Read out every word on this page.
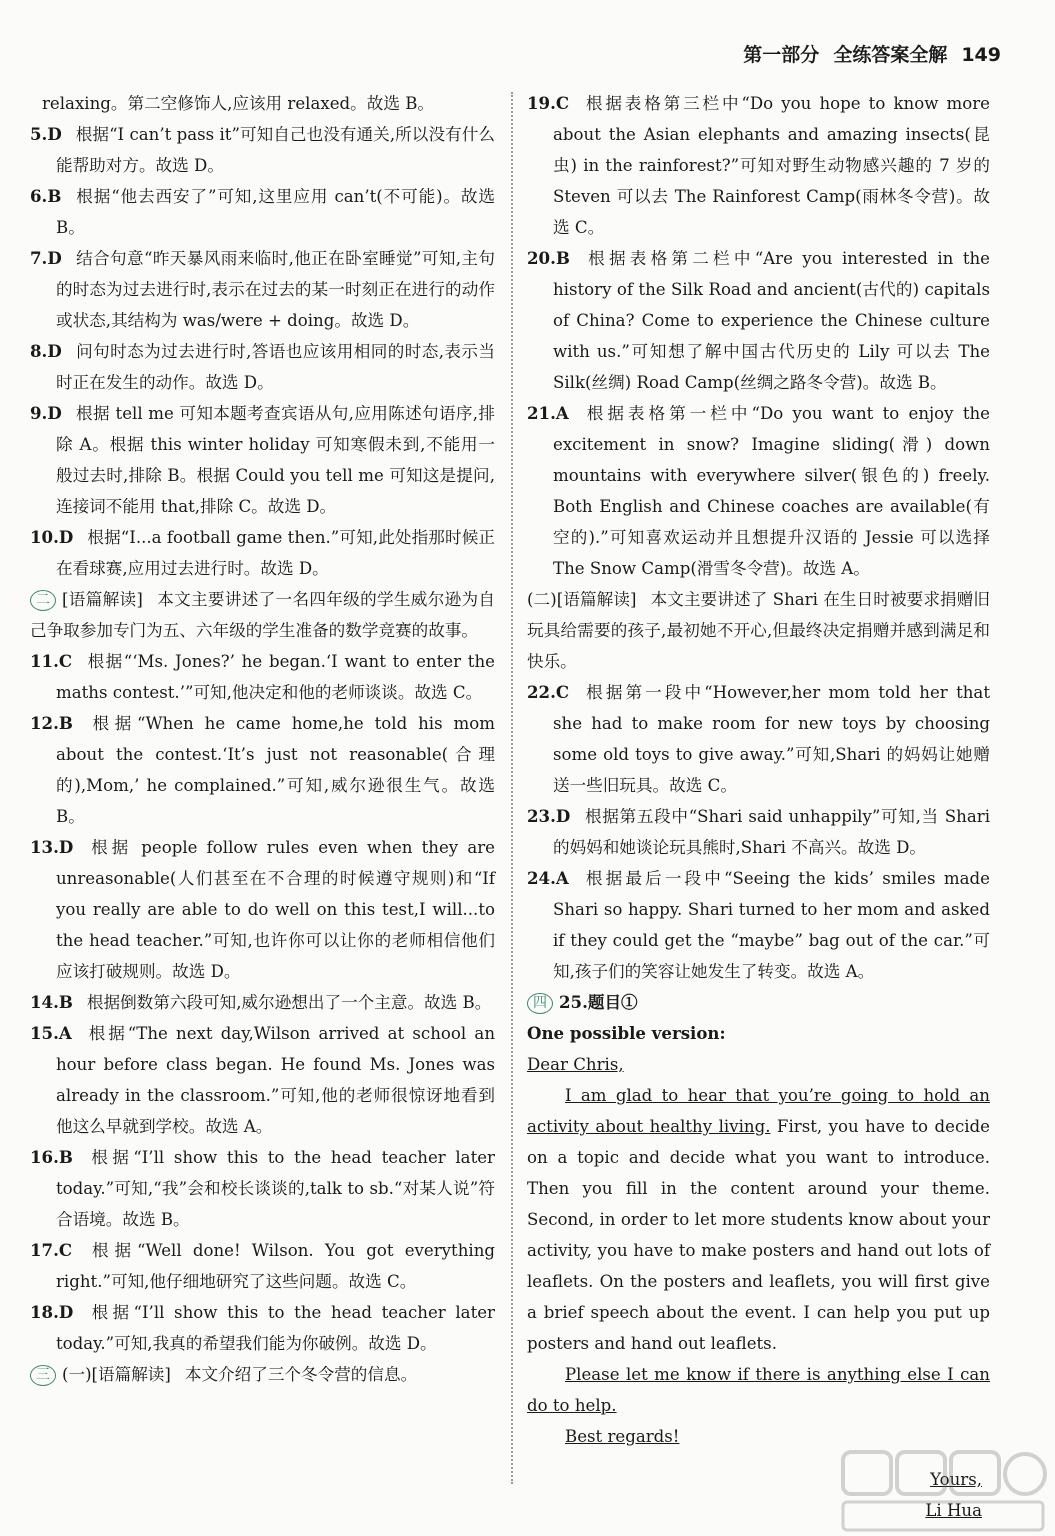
第一部分 全练答案全解 149

relaxing。第二空修饰人,应该用 relaxed。故选 B。

5.D 根据“I can’t pass it”可知自己也没有通关,所以没有什么能帮助对方。故选 D。

6.B 根据“他去西安了”可知,这里应用 can’t(不可能)。故选 B。

7.D 结合句意“昨天暴风雨来临时,他正在卧室睡觉”可知,主句的时态为过去进行时,表示在过去的某一时刻正在进行的动作或状态,其结构为 was/were + doing。故选 D。

8.D 问句时态为过去进行时,答语也应该用相同的时态,表示当时正在发生的动作。故选 D。

9.D 根据 tell me 可知本题考查宾语从句,应用陈述句语序,排除 A。根据 this winter holiday 可知寒假未到,不能用一般过去时,排除 B。根据 Could you tell me 可知这是提问,连接词不能用 that,排除 C。故选 D。

10.D 根据“I...a football game then.”可知,此处指那时候正在看球赛,应用过去进行时。故选 D。

二 [语篇解读] 本文主要讲述了一名四年级的学生威尔逊为自己争取参加专门为五、六年级的学生准备的数学竞赛的故事。

11.C 根据“‘Ms. Jones?’ he began.‘I want to enter the maths contest.’”可知,他决定和他的老师谈谈。故选 C。

12.B 根据“When he came home,he told his mom about the contest.‘It’s just not reasonable(合理的),Mom,’ he complained.”可知,威尔逊很生气。故选 B。

13.D 根据 people follow rules even when they are unreasonable(人们甚至在不合理的时候遵守规则)和“If you really are able to do well on this test,I will...to the head teacher.”可知,也许你可以让你的老师相信他们应该打破规则。故选 D。

14.B 根据倒数第六段可知,威尔逊想出了一个主意。故选 B。

15.A 根据“The next day,Wilson arrived at school an hour before class began. He found Ms. Jones was already in the classroom.”可知,他的老师很惊讶地看到他这么早就到学校。故选 A。

16.B 根据“I’ll show this to the head teacher later today.”可知,“我”会和校长谈谈的,talk to sb.“对某人说”符合语境。故选 B。

17.C 根据“Well done! Wilson. You got everything right.”可知,他仔细地研究了这些问题。故选 C。

18.D 根据“I’ll show this to the head teacher later today.”可知,我真的希望我们能为你破例。故选 D。

三 (一)[语篇解读] 本文介绍了三个冬令营的信息。

19.C 根据表格第三栏中“Do you hope to know more about the Asian elephants and amazing insects(昆虫) in the rainforest?”可知对野生动物感兴趣的 7 岁的 Steven 可以去 The Rainforest Camp(雨林冬令营)。故选 C。

20.B 根据表格第二栏中“Are you interested in the history of the Silk Road and ancient(古代的) capitals of China? Come to experience the Chinese culture with us.”可知想了解中国古代历史的 Lily 可以去 The Silk(丝绸) Road Camp(丝绸之路冬令营)。故选 B。

21.A 根据表格第一栏中“Do you want to enjoy the excitement in snow? Imagine sliding(滑) down mountains with everywhere silver(银色的) freely. Both English and Chinese coaches are available(有空的).”可知喜欢运动并且想提升汉语的 Jessie 可以选择 The Snow Camp(滑雪冬令营)。故选 A。

(二)[语篇解读] 本文主要讲述了 Shari 在生日时被要求捐赠旧玩具给需要的孩子,最初她不开心,但最终决定捐赠并感到满足和快乐。

22.C 根据第一段中“However,her mom told her that she had to make room for new toys by choosing some old toys to give away.”可知,Shari 的妈妈让她赠送一些旧玩具。故选 C。

23.D 根据第五段中“Shari said unhappily”可知,当 Shari 的妈妈和她谈论玩具熊时,Shari 不高兴。故选 D。

24.A 根据最后一段中“Seeing the kids’ smiles made Shari so happy. Shari turned to her mom and asked if they could get the “maybe” bag out of the car.”可知,孩子们的笑容让她发生了转变。故选 A。

四 25.题目①

One possible version:

Dear Chris,

I am glad to hear that you’re going to hold an activity about healthy living. First, you have to decide on a topic and decide what you want to introduce. Then you fill in the content around your theme. Second, in order to let more students know about your activity, you have to make posters and hand out lots of leaflets. On the posters and leaflets, you will first give a brief speech about the event. I can help you put up posters and hand out leaflets.

Please let me know if there is anything else I can do to help.

Best regards!

Yours,

Li Hua
